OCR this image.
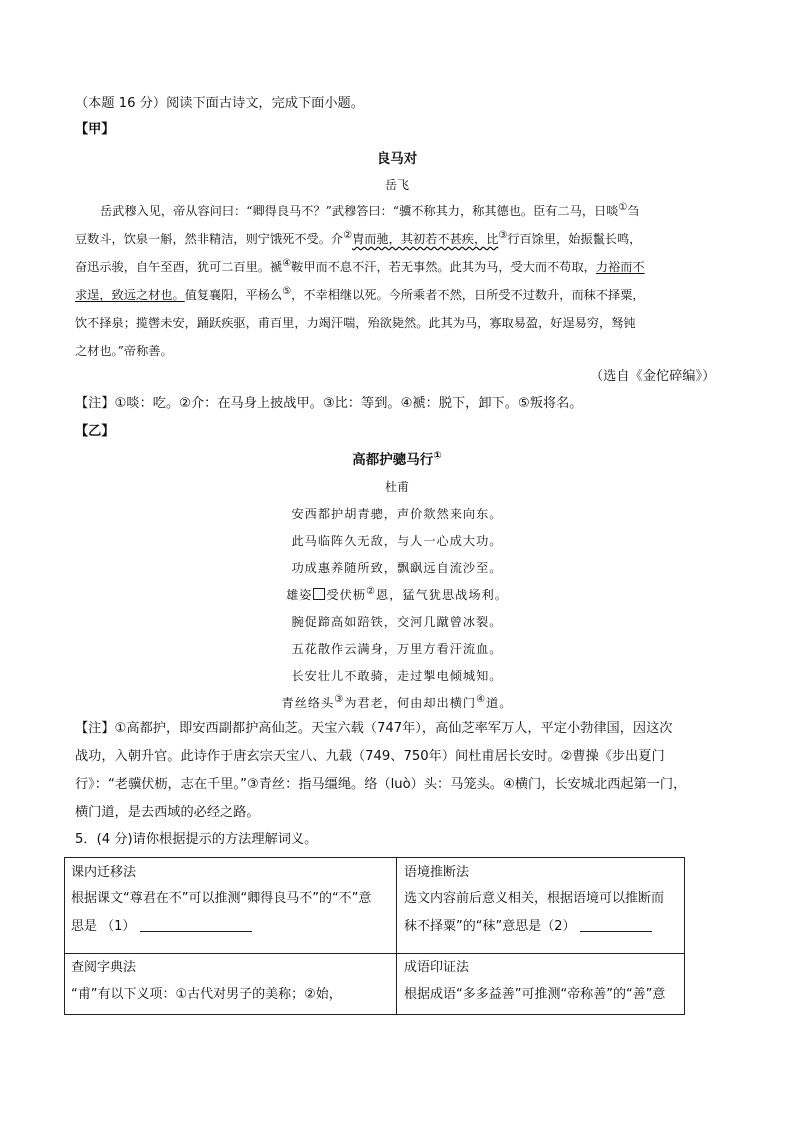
（本题 16 分）阅读下面古诗文，完成下面小题。
【甲】
良马对
岳飞
岳武穆入见，帝从容问曰：“卿得良马不？”武穆答曰：“骥不称其力，称其德也。臣有二马，日啖①刍
豆数斗，饮泉一斛，然非精洁，则宁饿死不受。介②胄而驰，其初若不甚疾，比③行百馀里，始振鬣长鸣，
奋迅示骏，自午至酉，犹可二百里。褫④鞍甲而不息不汗，若无事然。此其为马，受大而不苟取，力裕而不
求逞，致远之材也。值复襄阳，平杨么⑤，不幸相继以死。今所乘者不然，日所受不过数升，而秣不择粟，
饮不择泉；揽辔未安，踊跃疾驱，甫百里，力竭汗喘，殆欲毙然。此其为马，寡取易盈，好逞易穷，驽钝
之材也。”帝称善。
（选自《金佗碎编》）
【注】①啖：吃。②介：在马身上披战甲。③比：等到。④褫：脱下，卸下。⑤叛将名。
【乙】
高都护骢马行①
杜甫
安西都护胡青骢，声价欻然来向东。
此马临阵久无敌，与人一心成大功。
功成惠养随所致，飘飖远自流沙至。
雄姿 受伏枥②恩，猛气犹思战场利。
腕促蹄高如踣铁，交河几蹴曾冰裂。
五花散作云满身，万里方看汗流血。
长安壮儿不敢骑，走过掣电倾城知。
青丝络头③为君老，何由却出横门④道。
【注】①高都护，即安西副都护高仙芝。天宝六载（747年），高仙芝率军万人，平定小勃律国，因这次
战功，入朝升官。此诗作于唐玄宗天宝八、九载（749、750年）间杜甫居长安时。②曹操《步出夏门
行》：“老骥伏枥，志在千里。”③青丝：指马缰绳。络（luò）头：马笼头。④横门，长安城北西起第一门，
横门道，是去西域的必经之路。
5．(4 分)请你根据提示的方法理解词义。
课内迁移法
根据课文“尊君在不”可以推测“卿得良马不”的“不”意
思是 （1）
语境推断法
选文内容前后意义相关，根据语境可以推断而
秣不择粟”的“秣”意思是（2）
查阅字典法
“甫”有以下义项：①古代对男子的美称；②始，
成语印证法
根据成语“多多益善”可推测“帝称善”的“善”意
